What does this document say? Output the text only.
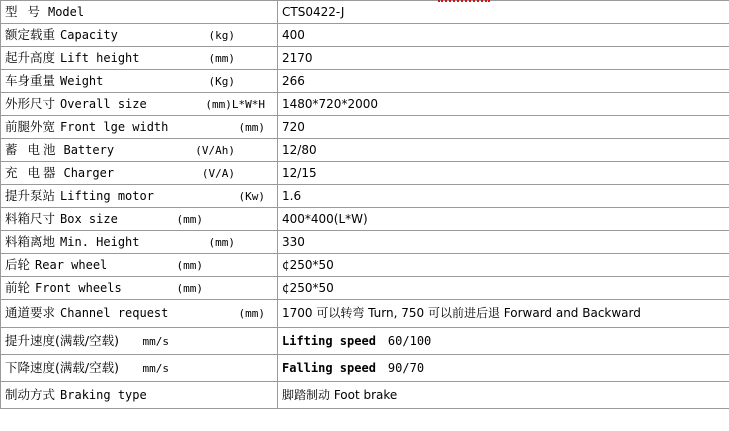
型 号 Model	CTS0422-J

额定载重 Capacity (kg)	400

起升高度 Lift height (mm)	2170

车身重量 Weight (Kg)	266

外形尺寸 Overall size (mm)L*W*H	1480*720*2000

前腿外宽 Front lge width (mm)	720

蓄 电池 Battery (V/Ah)	12/80

充 电器 Charger (V/A)	12/15

提升泵站 Lifting motor (Kw)	1.6

料箱尺寸 Box size (mm)	400*400(L*W)

料箱离地 Min. Height (mm)	330

后轮 Rear wheel (mm)	¢250*50

前轮 Front wheels (mm)	¢250*50

通道要求 Channel request (mm)	1700 可以转弯 Turn, 750 可以前进后退 Forward and Backward

提升速度(满载/空载) mm/s	Lifting speed 60/100

下降速度(满载/空载) mm/s	Falling speed 90/70

制动方式 Braking type	脚踏制动 Foot brake
